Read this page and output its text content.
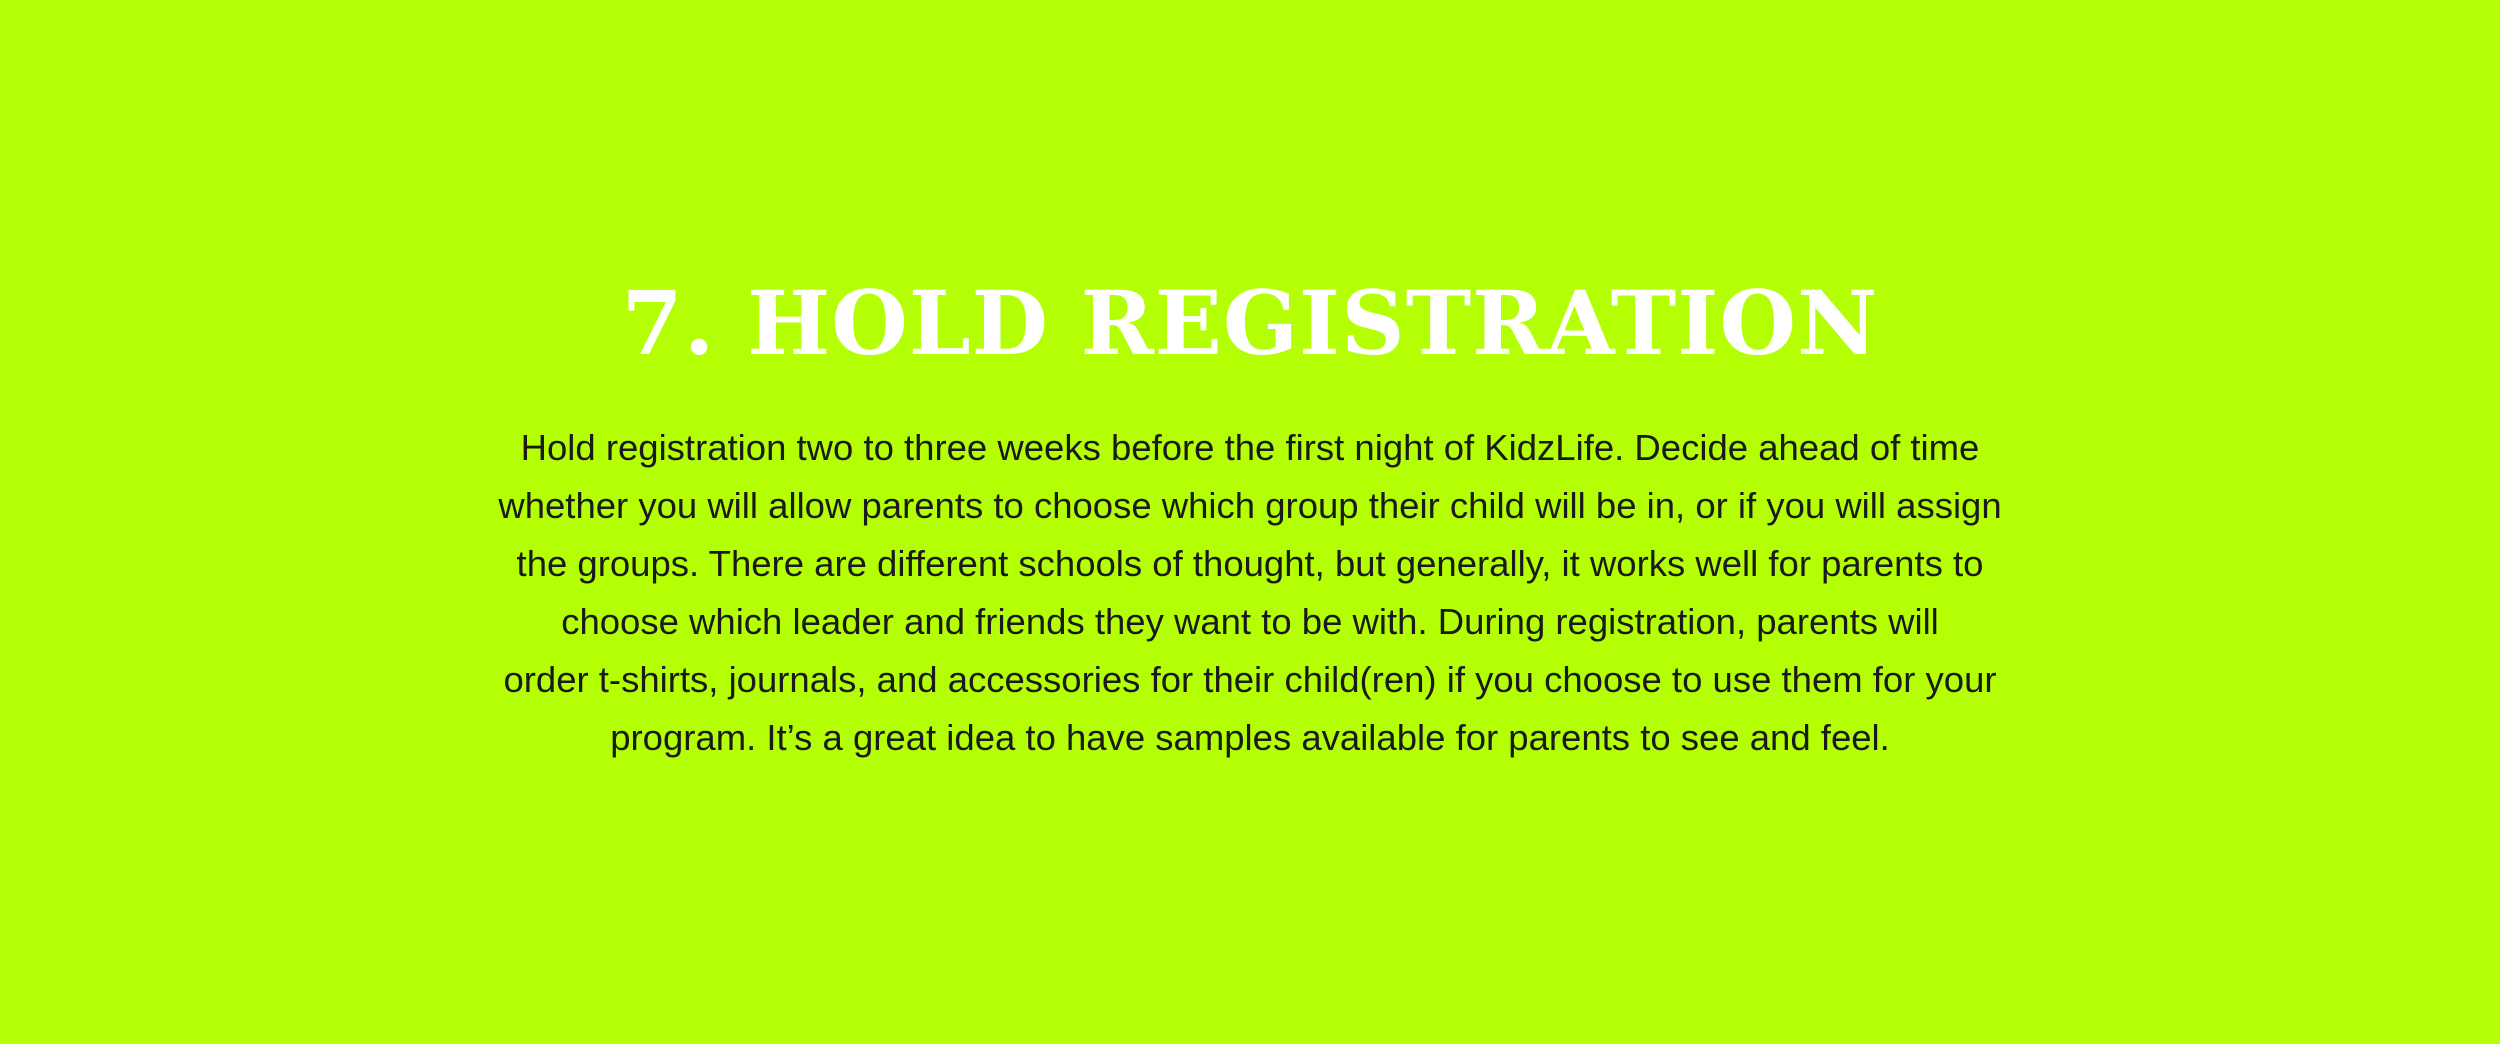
7. HOLD REGISTRATION
Hold registration two to three weeks before the first night of KidzLife. Decide ahead of time
whether you will allow parents to choose which group their child will be in, or if you will assign
the groups. There are different schools of thought, but generally, it works well for parents to
choose which leader and friends they want to be with. During registration, parents will
order t-shirts, journals, and accessories for their child(ren) if you choose to use them for your
program. It’s a great idea to have samples available for parents to see and feel.
